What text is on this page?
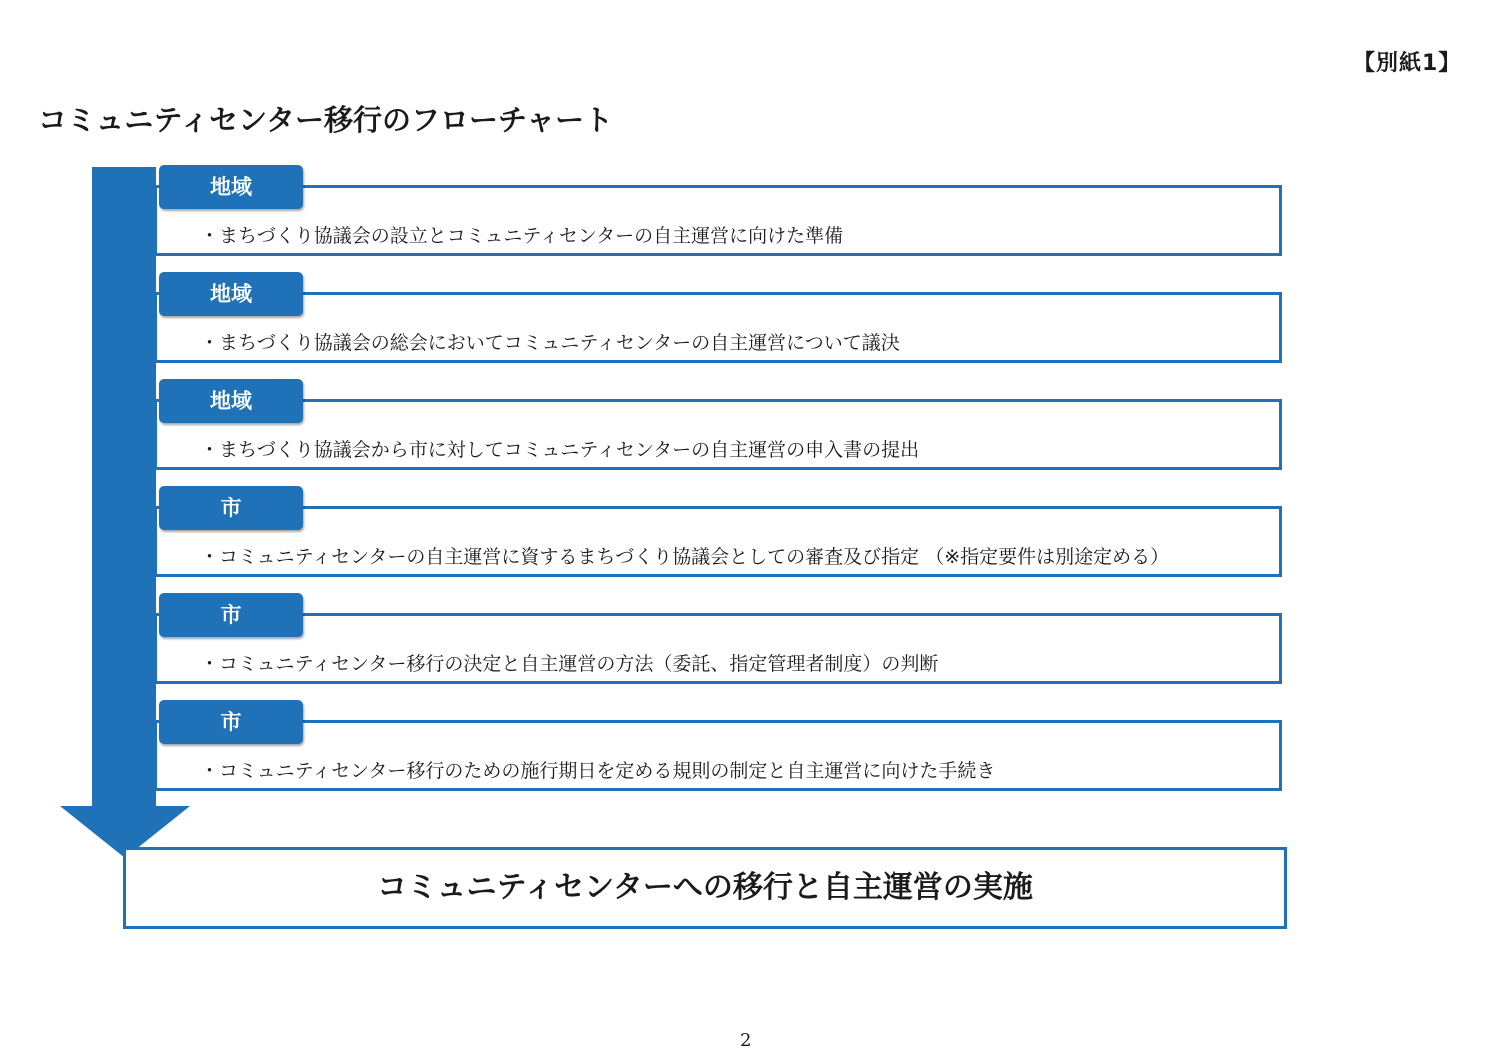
【別紙1】
コミュニティセンター移行のフローチャート
地域
・まちづくり協議会の設立とコミュニティセンターの自主運営に向けた準備
地域
・まちづくり協議会の総会においてコミュニティセンターの自主運営について議決
地域
・まちづくり協議会から市に対してコミュニティセンターの自主運営の申入書の提出
市
・コミュニティセンターの自主運営に資するまちづくり協議会としての審査及び指定 （※指定要件は別途定める）
市
・コミュニティセンター移行の決定と自主運営の方法（委託、指定管理者制度）の判断
市
・コミュニティセンター移行のための施行期日を定める規則の制定と自主運営に向けた手続き
コミュニティセンターへの移行と自主運営の実施
2
